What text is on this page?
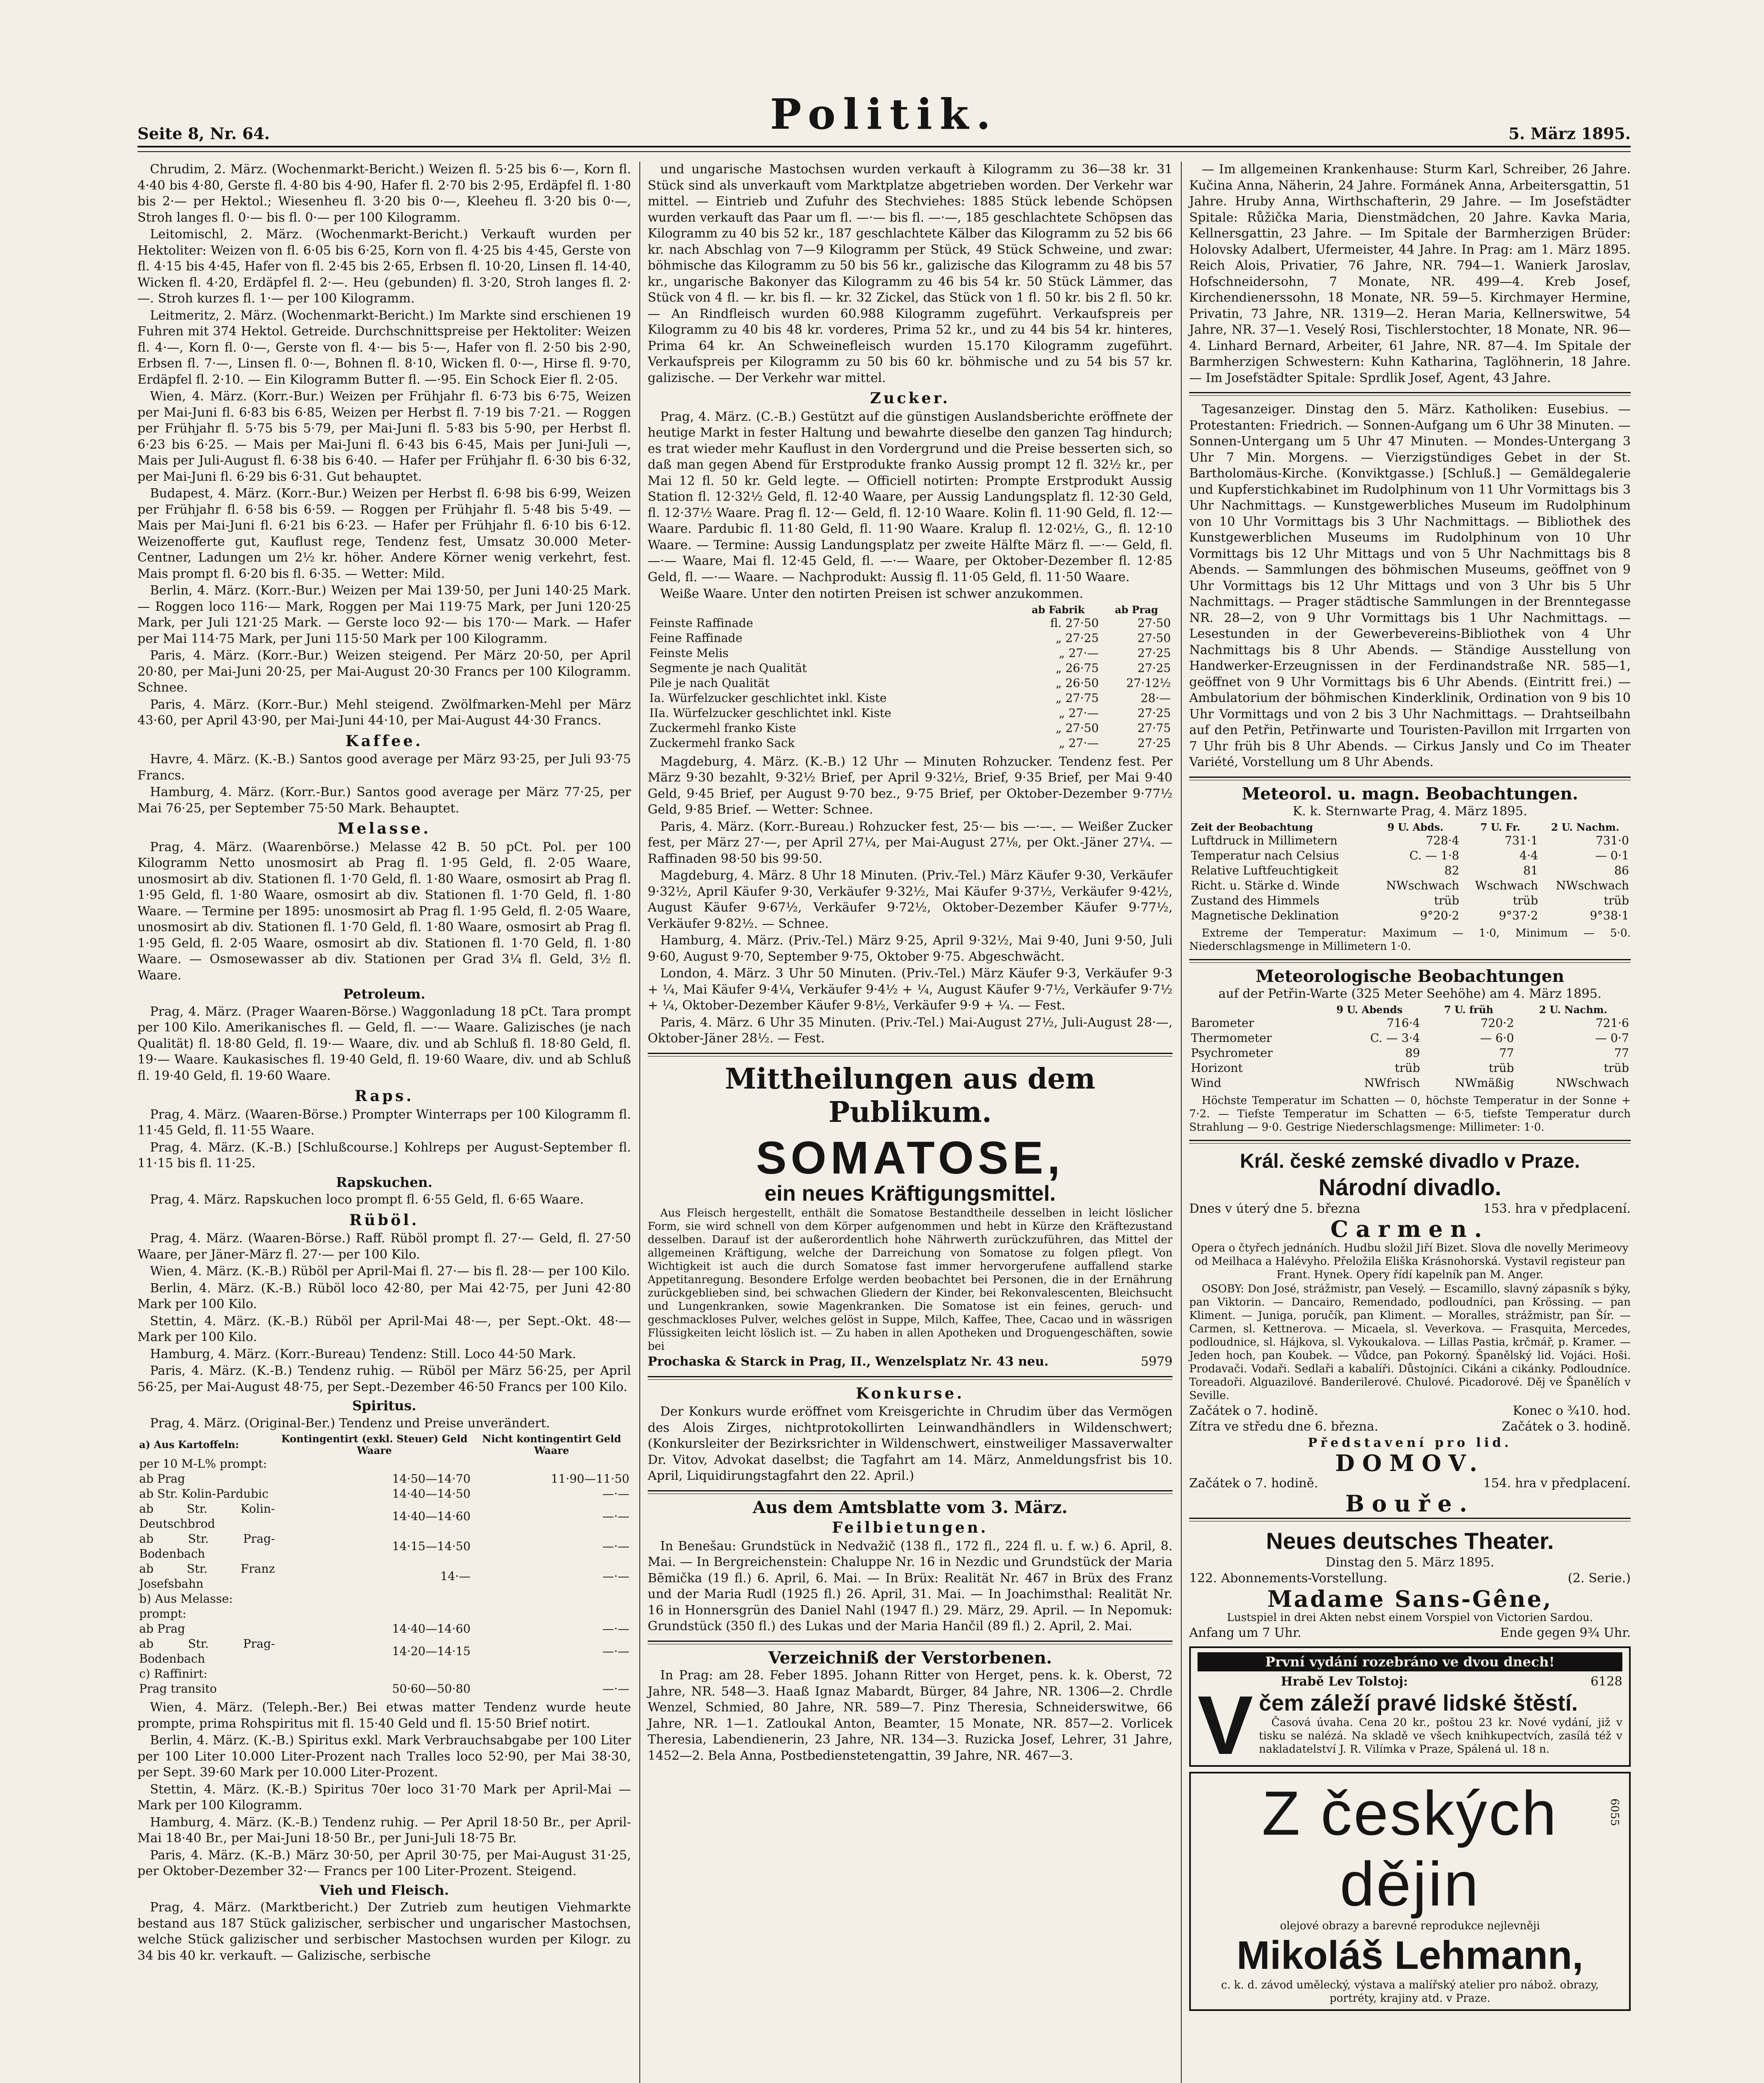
Seite 8, Nr. 64.	Politik.	5. März 1895.

Chrudim, 2. März. (Wochenmarkt-Bericht.) Weizen fl. 5·25 bis 6·—, Korn fl. 4·40 bis 4·80, Gerste fl. 4·80 bis 4·90, Hafer fl. 2·70 bis 2·95, Erdäpfel fl. 1·80 bis 2·— per Hektol.; Wiesenheu fl. 3·20 bis 0·—, Kleeheu fl. 3·20 bis 0·—, Stroh langes fl. 0·— bis fl. 0·— per 100 Kilogramm.

Leitomischl, 2. März. (Wochenmarkt-Bericht.) Verkauft wurden per Hektoliter: Weizen von fl. 6·05 bis 6·25, Korn von fl. 4·25 bis 4·45, Gerste von fl. 4·15 bis 4·45, Hafer von fl. 2·45 bis 2·65, Erbsen fl. 10·20, Linsen fl. 14·40, Wicken fl. 4·20, Erdäpfel fl. 2·—. Heu (gebunden) fl. 3·20, Stroh langes fl. 2·—. Stroh kurzes fl. 1·— per 100 Kilogramm.

Leitmeritz, 2. März. (Wochenmarkt-Bericht.) Im Markte sind erschienen 19 Fuhren mit 374 Hektol. Getreide. Durchschnittspreise per Hektoliter: Weizen fl. 4·—, Korn fl. 0·—, Gerste von fl. 4·— bis 5·—, Hafer von fl. 2·50 bis 2·90, Erbsen fl. 7·—, Linsen fl. 0·—, Bohnen fl. 8·10, Wicken fl. 0·—, Hirse fl. 9·70, Erdäpfel fl. 2·10. — Ein Kilogramm Butter fl. —·95. Ein Schock Eier fl. 2·05.

Wien, 4. März. (Korr.-Bur.) Weizen per Frühjahr fl. 6·73 bis 6·75, Weizen per Mai-Juni fl. 6·83 bis 6·85, Weizen per Herbst fl. 7·19 bis 7·21. — Roggen per Frühjahr fl. 5·75 bis 5·79, per Mai-Juni fl. 5·83 bis 5·90, per Herbst fl. 6·23 bis 6·25. — Mais per Mai-Juni fl. 6·43 bis 6·45, Mais per Juni-Juli —, Mais per Juli-August fl. 6·38 bis 6·40. — Hafer per Frühjahr fl. 6·30 bis 6·32, per Mai-Juni fl. 6·29 bis 6·31. Gut behauptet.

Budapest, 4. März. (Korr.-Bur.) Weizen per Herbst fl. 6·98 bis 6·99, Weizen per Frühjahr fl. 6·58 bis 6·59. — Roggen per Frühjahr fl. 5·48 bis 5·49. — Mais per Mai-Juni fl. 6·21 bis 6·23. — Hafer per Frühjahr fl. 6·10 bis 6·12. Weizenofferte gut, Kauflust rege, Tendenz fest, Umsatz 30.000 Meter-Centner, Ladungen um 2½ kr. höher. Andere Körner wenig verkehrt, fest. Mais prompt fl. 6·20 bis fl. 6·35. — Wetter: Mild.

Berlin, 4. März. (Korr.-Bur.) Weizen per Mai 139·50, per Juni 140·25 Mark. — Roggen loco 116·— Mark, Roggen per Mai 119·75 Mark, per Juni 120·25 Mark, per Juli 121·25 Mark. — Gerste loco 92·— bis 170·— Mark. — Hafer per Mai 114·75 Mark, per Juni 115·50 Mark per 100 Kilogramm.

Paris, 4. März. (Korr.-Bur.) Weizen steigend. Per März 20·50, per April 20·80, per Mai-Juni 20·25, per Mai-August 20·30 Francs per 100 Kilogramm. Schnee.

Paris, 4. März. (Korr.-Bur.) Mehl steigend. Zwölfmarken-Mehl per März 43·60, per April 43·90, per Mai-Juni 44·10, per Mai-August 44·30 Francs.

Kaffee.

Havre, 4. März. (K.-B.) Santos good average per März 93·25, per Juli 93·75 Francs.

Hamburg, 4. März. (Korr.-Bur.) Santos good average per März 77·25, per Mai 76·25, per September 75·50 Mark. Behauptet.

Melasse.

Prag, 4. März. (Waarenbörse.) Melasse 42 B. 50 pCt. Pol. per 100 Kilogramm Netto unosmosirt ab Prag fl. 1·95 Geld, fl. 2·05 Waare, unosmosirt ab div. Stationen fl. 1·70 Geld, fl. 1·80 Waare, osmosirt ab Prag fl. 1·95 Geld, fl. 1·80 Waare, osmosirt ab div. Stationen fl. 1·70 Geld, fl. 1·80 Waare. — Termine per 1895: unosmosirt ab Prag fl. 1·95 Geld, fl. 2·05 Waare, unosmosirt ab div. Stationen fl. 1·70 Geld, fl. 1·80 Waare, osmosirt ab Prag fl. 1·95 Geld, fl. 2·05 Waare, osmosirt ab div. Stationen fl. 1·70 Geld, fl. 1·80 Waare. — Osmosewasser ab div. Stationen per Grad 3¼ fl. Geld, 3½ fl. Waare.

Petroleum.

Prag, 4. März. (Prager Waaren-Börse.) Waggonladung 18 pCt. Tara prompt per 100 Kilo. Amerikanisches fl. — Geld, fl. —·— Waare. Galizisches (je nach Qualität) fl. 18·80 Geld, fl. 19·— Waare, div. und ab Schluß fl. 18·80 Geld, fl. 19·— Waare. Kaukasisches fl. 19·40 Geld, fl. 19·60 Waare, div. und ab Schluß fl. 19·40 Geld, fl. 19·60 Waare.

Raps.

Prag, 4. März. (Waaren-Börse.) Prompter Winterraps per 100 Kilogramm fl. 11·45 Geld, fl. 11·55 Waare.

Prag, 4. März. (K.-B.) [Schlußcourse.] Kohlreps per August-September fl. 11·15 bis fl. 11·25.

Rapskuchen.

Prag, 4. März. Rapskuchen loco prompt fl. 6·55 Geld, fl. 6·65 Waare.

Rüböl.

Prag, 4. März. (Waaren-Börse.) Raff. Rüböl prompt fl. 27·— Geld, fl. 27·50 Waare, per Jäner-März fl. 27·— per 100 Kilo.

Wien, 4. März. (K.-B.) Rüböl per April-Mai fl. 27·— bis fl. 28·— per 100 Kilo.

Berlin, 4. März. (K.-B.) Rüböl loco 42·80, per Mai 42·75, per Juni 42·80 Mark per 100 Kilo.

Stettin, 4. März. (K.-B.) Rüböl per April-Mai 48·—, per Sept.-Okt. 48·— Mark per 100 Kilo.

Hamburg, 4. März. (Korr.-Bureau) Tendenz: Still. Loco 44·50 Mark.

Paris, 4. März. (K.-B.) Tendenz ruhig. — Rüböl per März 56·25, per April 56·25, per Mai-August 48·75, per Sept.-Dezember 46·50 Francs per 100 Kilo.

Spiritus.

Prag, 4. März. (Original-Ber.) Tendenz und Preise unverändert.

a) Aus Kartoffeln:	Kontingentirt (exkl. Steuer) Geld Waare	Nicht kontingentirt Geld Waare
per 10 M-L% prompt:		
ab Prag	14·50—14·70	11·90—11·50
ab Str. Kolin-Pardubic	14·40—14·50	—·—
ab Str. Kolin-Deutschbrod	14·40—14·60	—·—
ab Str. Prag-Bodenbach	14·15—14·50	—·—
ab Str. Franz Josefsbahn	14·—	—·—
b) Aus Melasse:		
prompt:		
ab Prag	14·40—14·60	—·—
ab Str. Prag-Bodenbach	14·20—14·15	—·—
c) Raffinirt:		
Prag transito	50·60—50·80	—·—

Wien, 4. März. (Teleph.-Ber.) Bei etwas matter Tendenz wurde heute prompte, prima Rohspiritus mit fl. 15·40 Geld und fl. 15·50 Brief notirt.

Berlin, 4. März. (K.-B.) Spiritus exkl. Mark Verbrauchsabgabe per 100 Liter per 100 Liter 10.000 Liter-Prozent nach Tralles loco 52·90, per Mai 38·30, per Sept. 39·60 Mark per 10.000 Liter-Prozent.

Stettin, 4. März. (K.-B.) Spiritus 70er loco 31·70 Mark per April-Mai — Mark per 100 Kilogramm.

Hamburg, 4. März. (K.-B.) Tendenz ruhig. — Per April 18·50 Br., per April-Mai 18·40 Br., per Mai-Juni 18·50 Br., per Juni-Juli 18·75 Br.

Paris, 4. März. (K.-B.) März 30·50, per April 30·75, per Mai-August 31·25, per Oktober-Dezember 32·— Francs per 100 Liter-Prozent. Steigend.

Vieh und Fleisch.

Prag, 4. März. (Marktbericht.) Der Zutrieb zum heutigen Viehmarkte bestand aus 187 Stück galizischer, serbischer und ungarischer Mastochsen, welche Stück galizischer und serbischer Mastochsen wurden per Kilogr. zu 34 bis 40 kr. verkauft. — Galizische, serbische

und ungarische Mastochsen wurden verkauft à Kilogramm zu 36—38 kr. 31 Stück sind als unverkauft vom Marktplatze abgetrieben worden. Der Verkehr war mittel. — Eintrieb und Zufuhr des Stechviehes: 1885 Stück lebende Schöpsen wurden verkauft das Paar um fl. —·— bis fl. —·—, 185 geschlachtete Schöpsen das Kilogramm zu 40 bis 52 kr., 187 geschlachtete Kälber das Kilogramm zu 52 bis 66 kr. nach Abschlag von 7—9 Kilogramm per Stück, 49 Stück Schweine, und zwar: böhmische das Kilogramm zu 50 bis 56 kr., galizische das Kilogramm zu 48 bis 57 kr., ungarische Bakonyer das Kilogramm zu 46 bis 54 kr. 50 Stück Lämmer, das Stück von 4 fl. — kr. bis fl. — kr. 32 Zickel, das Stück von 1 fl. 50 kr. bis 2 fl. 50 kr. — An Rindfleisch wurden 60.988 Kilogramm zugeführt. Verkaufspreis per Kilogramm zu 40 bis 48 kr. vorderes, Prima 52 kr., und zu 44 bis 54 kr. hinteres, Prima 64 kr. An Schweinefleisch wurden 15.170 Kilogramm zugeführt. Verkaufspreis per Kilogramm zu 50 bis 60 kr. böhmische und zu 54 bis 57 kr. galizische. — Der Verkehr war mittel.

Zucker.

Prag, 4. März. (C.-B.) Gestützt auf die günstigen Auslandsberichte eröffnete der heutige Markt in fester Haltung und bewahrte dieselbe den ganzen Tag hindurch; es trat wieder mehr Kauflust in den Vordergrund und die Preise besserten sich, so daß man gegen Abend für Erstprodukte franko Aussig prompt 12 fl. 32½ kr., per Mai 12 fl. 50 kr. Geld legte. — Officiell notirten: Prompte Erstprodukt Aussig Station fl. 12·32½ Geld, fl. 12·40 Waare, per Aussig Landungsplatz fl. 12·30 Geld, fl. 12·37½ Waare. Prag fl. 12·— Geld, fl. 12·10 Waare. Kolin fl. 11·90 Geld, fl. 12·— Waare. Pardubic fl. 11·80 Geld, fl. 11·90 Waare. Kralup fl. 12·02½, G., fl. 12·10 Waare. — Termine: Aussig Landungsplatz per zweite Hälfte März fl. —·— Geld, fl. —·— Waare, Mai fl. 12·45 Geld, fl. —·— Waare, per Oktober-Dezember fl. 12·85 Geld, fl. —·— Waare. — Nachprodukt: Aussig fl. 11·05 Geld, fl. 11·50 Waare.

Weiße Waare. Unter den notirten Preisen ist schwer anzukommen.

	ab Fabrik	ab Prag
Feinste Raffinade	fl. 27·50	27·50
Feine Raffinade	„ 27·25	27·50
Feinste Melis	„ 27·—	27·25
Segmente je nach Qualität	„ 26·75	27·25
Pile je nach Qualität	„ 26·50	27·12½
Ia. Würfelzucker geschlichtet inkl. Kiste	„ 27·75	28·—
IIa. Würfelzucker geschlichtet inkl. Kiste	„ 27·—	27·25
Zuckermehl franko Kiste	„ 27·50	27·75
Zuckermehl franko Sack	„ 27·—	27·25

Magdeburg, 4. März. (K.-B.) 12 Uhr — Minuten Rohzucker. Tendenz fest. Per März 9·30 bezahlt, 9·32½ Brief, per April 9·32½, Brief, 9·35 Brief, per Mai 9·40 Geld, 9·45 Brief, per August 9·70 bez., 9·75 Brief, per Oktober-Dezember 9·77½ Geld, 9·85 Brief. — Wetter: Schnee.

Paris, 4. März. (Korr.-Bureau.) Rohzucker fest, 25·— bis —·—. — Weißer Zucker fest, per März 27·—, per April 27¼, per Mai-August 27⅛, per Okt.-Jäner 27¼. — Raffinaden 98·50 bis 99·50.

Magdeburg, 4. März. 8 Uhr 18 Minuten. (Priv.-Tel.) März Käufer 9·30, Verkäufer 9·32½, April Käufer 9·30, Verkäufer 9·32½, Mai Käufer 9·37½, Verkäufer 9·42½, August Käufer 9·67½, Verkäufer 9·72½, Oktober-Dezember Käufer 9·77½, Verkäufer 9·82½. — Schnee.

Hamburg, 4. März. (Priv.-Tel.) März 9·25, April 9·32½, Mai 9·40, Juni 9·50, Juli 9·60, August 9·70, September 9·75, Oktober 9·75. Abgeschwächt.

London, 4. März. 3 Uhr 50 Minuten. (Priv.-Tel.) März Käufer 9·3, Verkäufer 9·3 + ¼, Mai Käufer 9·4¼, Verkäufer 9·4½ + ¼, August Käufer 9·7½, Verkäufer 9·7½ + ¼, Oktober-Dezember Käufer 9·8½, Verkäufer 9·9 + ¼. — Fest.

Paris, 4. März. 6 Uhr 35 Minuten. (Priv.-Tel.) Mai-August 27½, Juli-August 28·—, Oktober-Jäner 28½. — Fest.

Mittheilungen aus dem Publikum.
SOMATOSE,
ein neues Kräftigungsmittel.

Aus Fleisch hergestellt, enthält die Somatose Bestandtheile desselben in leicht löslicher Form, sie wird schnell von dem Körper aufgenommen und hebt in Kürze den Kräftezustand desselben. Darauf ist der außerordentlich hohe Nährwerth zurückzuführen, das Mittel der allgemeinen Kräftigung, welche der Darreichung von Somatose zu folgen pflegt. Von Wichtigkeit ist auch die durch Somatose fast immer hervorgerufene auffallend starke Appetitanregung. Besondere Erfolge werden beobachtet bei Personen, die in der Ernährung zurückgeblieben sind, bei schwachen Gliedern der Kinder, bei Rekonvalescenten, Bleichsucht und Lungenkranken, sowie Magenkranken. Die Somatose ist ein feines, geruch- und geschmackloses Pulver, welches gelöst in Suppe, Milch, Kaffee, Thee, Cacao und in wässrigen Flüssigkeiten leicht löslich ist. — Zu haben in allen Apotheken und Droguengeschäften, sowie bei

Prochaska & Starck in Prag, II., Wenzelsplatz Nr. 43 neu.	5979
Konkurse.

Der Konkurs wurde eröffnet vom Kreisgerichte in Chrudim über das Vermögen des Alois Zirges, nichtprotokollirten Leinwandhändlers in Wildenschwert; (Konkursleiter der Bezirksrichter in Wildenschwert, einstweiliger Massaverwalter Dr. Vitov, Advokat daselbst; die Tagfahrt am 14. März, Anmeldungsfrist bis 10. April, Liquidirungstagfahrt den 22. April.)

Aus dem Amtsblatte vom 3. März.
Feilbietungen.

In Benešau: Grundstück in Nedvažič (138 fl., 172 fl., 224 fl. u. f. w.) 6. April, 8. Mai. — In Bergreichenstein: Chaluppe Nr. 16 in Nezdic und Grundstück der Maria Bĕmička (19 fl.) 6. April, 6. Mai. — In Brüx: Realität Nr. 467 in Brüx des Franz und der Maria Rudl (1925 fl.) 26. April, 31. Mai. — In Joachimsthal: Realität Nr. 16 in Honnersgrün des Daniel Nahl (1947 fl.) 29. März, 29. April. — In Nepomuk: Grundstück (350 fl.) des Lukas und der Maria Hančil (89 fl.) 2. April, 2. Mai.

Verzeichniß der Verstorbenen.

In Prag: am 28. Feber 1895. Johann Ritter von Herget, pens. k. k. Oberst, 72 Jahre, NR. 548—3. Haaß Ignaz Mabardt, Bürger, 84 Jahre, NR. 1306—2. Chrdle Wenzel, Schmied, 80 Jahre, NR. 589—7. Pinz Theresia, Schneiderswitwe, 66 Jahre, NR. 1—1. Zatloukal Anton, Beamter, 15 Monate, NR. 857—2. Vorlicek Theresia, Labendienerin, 23 Jahre, NR. 134—3. Ruzicka Josef, Lehrer, 31 Jahre, 1452—2. Bela Anna, Postbedienstetengattin, 39 Jahre, NR. 467—3.

— Im allgemeinen Krankenhause: Sturm Karl, Schreiber, 26 Jahre. Kučina Anna, Näherin, 24 Jahre. Formánek Anna, Arbeitersgattin, 51 Jahre. Hruby Anna, Wirthschafterin, 29 Jahre. — Im Josefstädter Spitale: Růžička Maria, Dienstmädchen, 20 Jahre. Kavka Maria, Kellnersgattin, 23 Jahre. — Im Spitale der Barmherzigen Brüder: Holovsky Adalbert, Ufermeister, 44 Jahre. In Prag: am 1. März 1895. Reich Alois, Privatier, 76 Jahre, NR. 794—1. Wanierk Jaroslav, Hofschneidersohn, 7 Monate, NR. 499—4. Kreb Josef, Kirchendienerssohn, 18 Monate, NR. 59—5. Kirchmayer Hermine, Privatin, 73 Jahre, NR. 1319—2. Heran Maria, Kellnerswitwe, 54 Jahre, NR. 37—1. Veselý Rosi, Tischlerstochter, 18 Monate, NR. 96—4. Linhard Bernard, Arbeiter, 61 Jahre, NR. 87—4. Im Spitale der Barmherzigen Schwestern: Kuhn Katharina, Taglöhnerin, 18 Jahre. — Im Josefstädter Spitale: Sprdlik Josef, Agent, 43 Jahre.

Tagesanzeiger. Dinstag den 5. März. Katholiken: Eusebius. — Protestanten: Friedrich. — Sonnen-Aufgang um 6 Uhr 38 Minuten. — Sonnen-Untergang um 5 Uhr 47 Minuten. — Mondes-Untergang 3 Uhr 7 Min. Morgens. — Vierzigstündiges Gebet in der St. Bartholomäus-Kirche. (Konviktgasse.) [Schluß.] — Gemäldegalerie und Kupferstichkabinet im Rudolphinum von 11 Uhr Vormittags bis 3 Uhr Nachmittags. — Kunstgewerbliches Museum im Rudolphinum von 10 Uhr Vormittags bis 3 Uhr Nachmittags. — Bibliothek des Kunstgewerblichen Museums im Rudolphinum von 10 Uhr Vormittags bis 12 Uhr Mittags und von 5 Uhr Nachmittags bis 8 Abends. — Sammlungen des böhmischen Museums, geöffnet von 9 Uhr Vormittags bis 12 Uhr Mittags und von 3 Uhr bis 5 Uhr Nachmittags. — Prager städtische Sammlungen in der Brenntegasse NR. 28—2, von 9 Uhr Vormittags bis 1 Uhr Nachmittags. — Lesestunden in der Gewerbevereins-Bibliothek von 4 Uhr Nachmittags bis 8 Uhr Abends. — Ständige Ausstellung von Handwerker-Erzeugnissen in der Ferdinandstraße NR. 585—1, geöffnet von 9 Uhr Vormittags bis 6 Uhr Abends. (Eintritt frei.) — Ambulatorium der böhmischen Kinderklinik, Ordination von 9 bis 10 Uhr Vormittags und von 2 bis 3 Uhr Nachmittags. — Drahtseilbahn auf den Petřin, Petřinwarte und Touristen-Pavillon mit Irrgarten von 7 Uhr früh bis 8 Uhr Abends. — Cirkus Jansly und Co im Theater Variété, Vorstellung um 8 Uhr Abends.

Meteorol. u. magn. Beobachtungen.
K. k. Sternwarte Prag, 4. März 1895.
Zeit der Beobachtung	9 U. Abds.	7 U. Fr.	2 U. Nachm.
Luftdruck in Millimetern	728·4	731·1	731·0
Temperatur nach Celsius	C. — 1·8	4·4	— 0·1
Relative Luftfeuchtigkeit	82	81	86
Richt. u. Stärke d. Winde	NWschwach	Wschwach	NWschwach
Zustand des Himmels	trüb	trüb	trüb
Magnetische Deklination	9°20·2	9°37·2	9°38·1

Extreme der Temperatur: Maximum — 1·0, Minimum — 5·0. Niederschlagsmenge in Millimetern 1·0.

Meteorologische Beobachtungen
auf der Petřin-Warte (325 Meter Seehöhe) am 4. März 1895.
	9 U. Abends	7 U. früh	2 U. Nachm.
Barometer	716·4	720·2	721·6
Thermometer	C. — 3·4	— 6·0	— 0·7
Psychrometer	89	77	77
Horizont	trüb	trüb	trüb
Wind	NWfrisch	NWmäßig	NWschwach

Höchste Temperatur im Schatten — 0, höchste Temperatur in der Sonne + 7·2. — Tiefste Temperatur im Schatten — 6·5, tiefste Temperatur durch Strahlung — 9·0. Gestrige Niederschlagsmenge: Millimeter: 1·0.

Král. české zemské divadlo v Praze.
Národní divadlo.
Dnes v úterý dne 5. března	153. hra v předplacení.
Carmen.

Opera o čtyřech jednáních. Hudbu složil Jiří Bizet. Slova dle novelly Merimeovy od Meilhaca a Halévyho. Přeložila Eliška Krásnohorská. Vystavil registeur pan Frant. Hynek. Opery řídí kapelník pan M. Anger.

OSOBY: Don José, strážmistr, pan Veselý. — Escamillo, slavný zápasník s býky, pan Viktorin. — Dancairo, Remendado, podloudníci, pan Krössing. — pan Kliment. — Juniga, poručík, pan Kliment. — Moralles, strážmistr, pan Šír. — Carmen, sl. Kettnerova. — Micaela, sl. Veverkova. — Frasquita, Mercedes, podloudnice, sl. Hájkova, sl. Vykoukalova. — Lillas Pastia, krčmář, p. Kramer. — Jeden hoch, pan Koubek. — Vůdce, pan Pokorný. Španělský lid. Vojáci. Hoši. Prodavači. Vodaři. Sedlaři a kabalíři. Důstojníci. Cikáni a cikánky. Podloudníce. Toreadoři. Alguazilové. Banderilerové. Chulové. Picadorové. Děj ve Španělích v Seville.

Začátek o 7. hodině.	Konec o ³⁄₄10. hod.
Zítra ve středu dne 6. března.	Začátek o 3. hodině.
Představení pro lid.
DOMOV.
Začátek o 7. hodině.	154. hra v předplacení.
Bouře.
Neues deutsches Theater.
Dinstag den 5. März 1895.
122. Abonnements-Vorstellung.	(2. Serie.)
Madame Sans-Gêne,

Lustspiel in drei Akten nebst einem Vorspiel von Victorien Sardou.

Anfang um 7 Uhr.	Ende gegen 9¾ Uhr.
První vydání rozebráno ve dvou dnech!
Hrabě Lev Tolstoj:	6128
V čem záleží pravé lidské štěstí.

Časová úvaha. Cena 20 kr., poštou 23 kr. Nové vydání, již v tisku se nalézá. Na skladě ve všech knihkupectvích, zasílá též v nakladatelství J. R. Vilímka v Praze, Spálená ul. 18 n.

Z českých dějin
6055
olejové obrazy a barevné reprodukce nejlevněji
Mikoláš Lehmann,
c. k. d. závod umělecký, výstava a malířský atelier pro nábož. obrazy, portréty, krajiny atd. v Praze.
